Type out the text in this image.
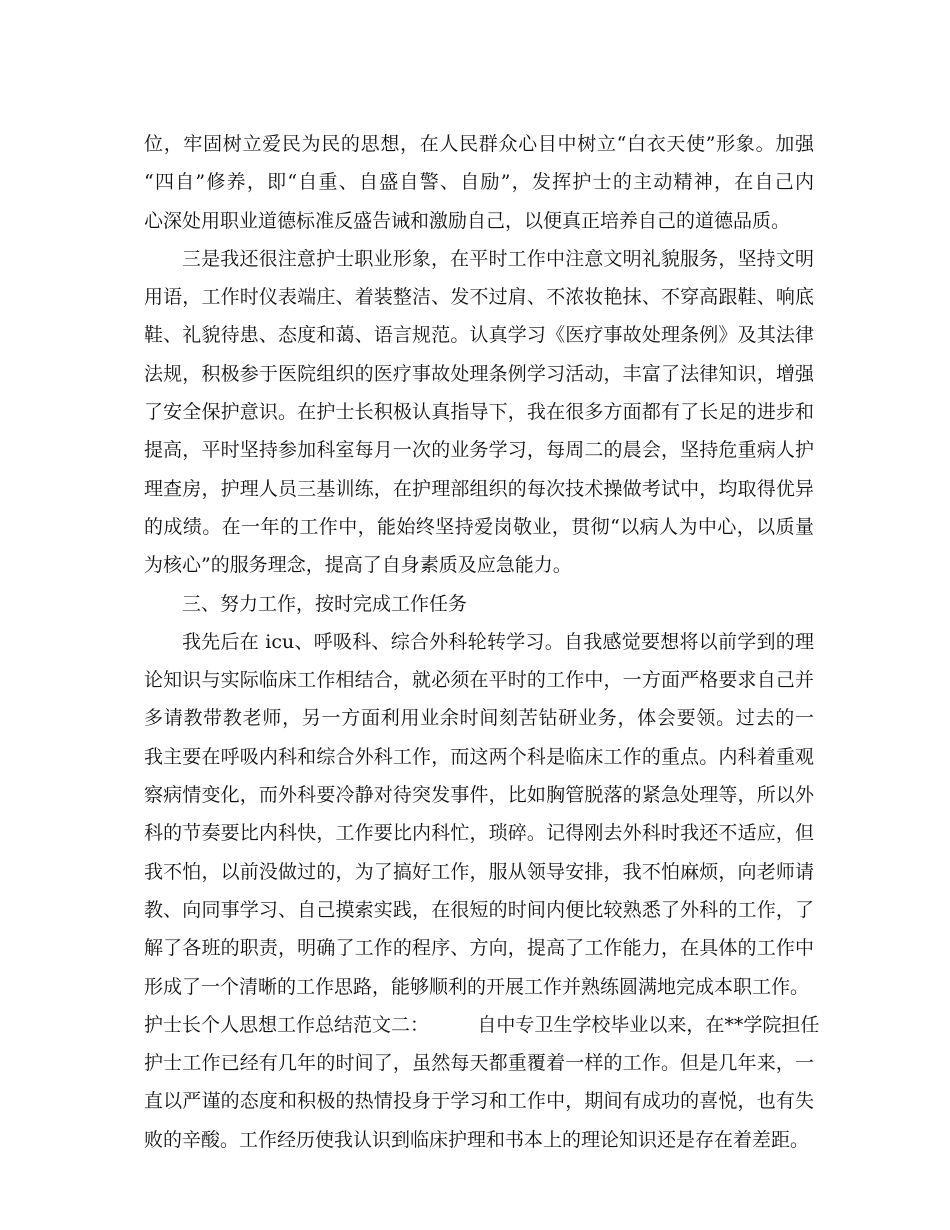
位，牢固树立爱民为民的思想，在人民群众心目中树立“白衣天使”形象。加强
“四自”修养，即“自重、自盛自警、自励”，发挥护士的主动精神，在自己内
心深处用职业道德标准反盛告诫和激励自己，以便真正培养自己的道德品质。
三是我还很注意护士职业形象，在平时工作中注意文明礼貌服务，坚持文明
用语，工作时仪表端庄、着装整洁、发不过肩、不浓妆艳抹、不穿高跟鞋、响底
鞋、礼貌待患、态度和蔼、语言规范。认真学习《医疗事故处理条例》及其法律
法规，积极参于医院组织的医疗事故处理条例学习活动，丰富了法律知识，增强
了安全保护意识。在护士长积极认真指导下，我在很多方面都有了长足的进步和
提高，平时坚持参加科室每月一次的业务学习，每周二的晨会，坚持危重病人护
理查房，护理人员三基训练，在护理部组织的每次技术操做考试中，均取得优异
的成绩。在一年的工作中，能始终坚持爱岗敬业，贯彻“以病人为中心，以质量
为核心”的服务理念，提高了自身素质及应急能力。
三、努力工作，按时完成工作任务
我先后在 icu、呼吸科、综合外科轮转学习。自我感觉要想将以前学到的理
论知识与实际临床工作相结合，就必须在平时的工作中，一方面严格要求自己并
多请教带教老师，另一方面利用业余时间刻苦钻研业务，体会要领。过去的一
我主要在呼吸内科和综合外科工作，而这两个科是临床工作的重点。内科着重观
察病情变化，而外科要冷静对待突发事件，比如胸管脱落的紧急处理等，所以外
科的节奏要比内科快，工作要比内科忙，琐碎。记得刚去外科时我还不适应，但
我不怕，以前没做过的，为了搞好工作，服从领导安排，我不怕麻烦，向老师请
教、向同事学习、自己摸索实践，在很短的时间内便比较熟悉了外科的工作，了
解了各班的职责，明确了工作的程序、方向，提高了工作能力，在具体的工作中
形成了一个清晰的工作思路，能够顺利的开展工作并熟练圆满地完成本职工作。
护士长个人思想工作总结范文二：        自中专卫生学校毕业以来，在**学院担任
护士工作已经有几年的时间了，虽然每天都重覆着一样的工作。但是几年来，一
直以严谨的态度和积极的热情投身于学习和工作中，期间有成功的喜悦，也有失
败的辛酸。工作经历使我认识到临床护理和书本上的理论知识还是存在着差距。
